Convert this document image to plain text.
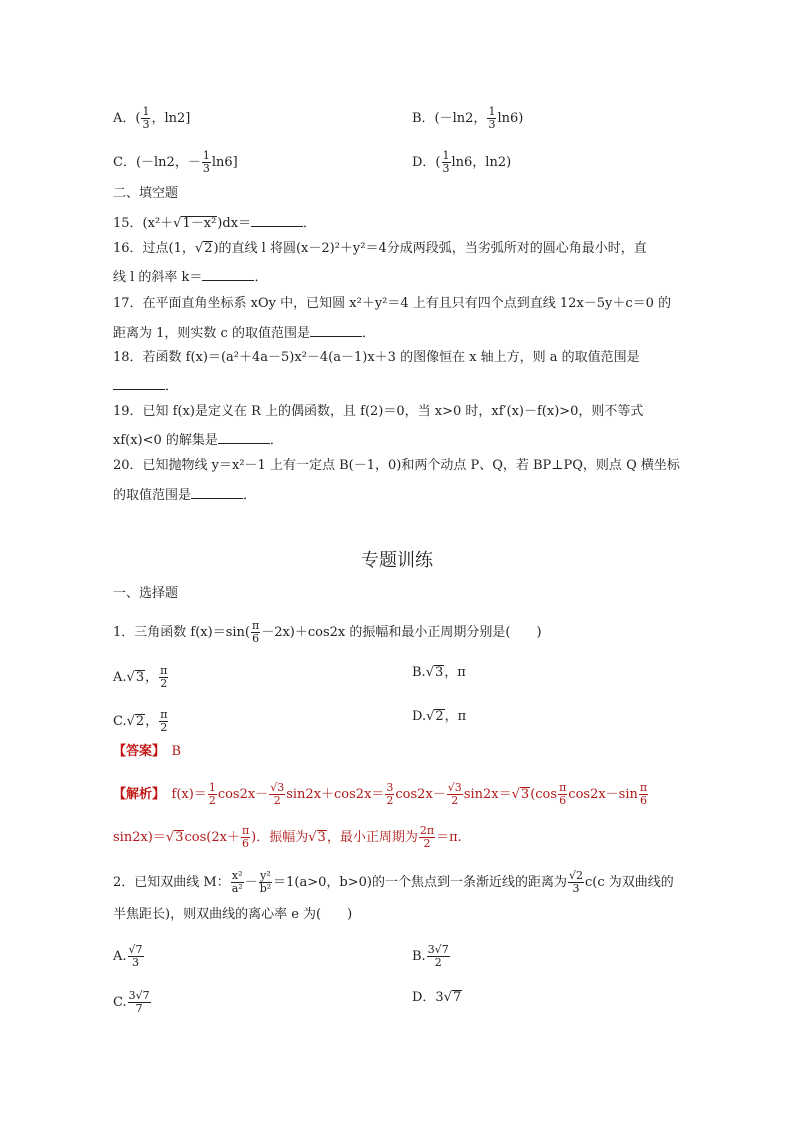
A．( $\frac{1}{3}$ ，ln2]	B．(－ln2， $\frac{1}{3} \ln 6$)
C．(－ln2，－ $\frac{1}{3} \ln 6$]	D．( $\frac{1}{3} \ln 6$，ln2)
二、填空题
15．(x²＋√1－x²)dx＝	．
16．过点(1，√2)的直线 l 将圆(x－2)²＋y²＝4分成两段弧，当劣弧所对的圆心角最小时，直
线 l 的斜率 k＝	．
17．在平面直角坐标系 xOy 中，已知圆 x²＋y²＝4 上有且只有四个点到直线 12x－5y＋c＝0 的
距离为 1，则实数 c 的取值范围是	．
18．若函数 f(x)＝(a²＋4a－5)x²－4(a－1)x＋3 的图像恒在 x 轴上方，则 a 的取值范围是
．
19．已知 f(x)是定义在 R 上的偶函数，且 f(2)＝0，当 x>0 时，xf′(x)－f(x)>0，则不等式
xf(x)<0 的解集是	．
20．已知抛物线 y＝x²－1 上有一定点 B(－1，0)和两个动点 P、Q，若 BP⊥PQ，则点 Q 横坐标
的取值范围是	．
专题训练
一、选择题
1．三角函数 $f(x)=\sin( \frac{\pi}{6} -2x)+\cos 2x$ 的振幅和最小正周期分别是(　　)
A.√3， $\frac{\pi}{2}$	B.√3，π
C.√2， $\frac{\pi}{2}$	D.√2，π
【答案】　 B
【解析】　$f(x)= \frac{1}{2} \cos 2x- \frac{√3}{2} \sin 2x+\cos 2x= \frac{3}{2} \cos 2x- \frac{√3}{2} \sin 2x=√3(\cos \frac{\pi}{6} \cos 2x-\sin \frac{\pi}{6}$
$\sin 2x)=√3\cos(2x+ \frac{\pi}{6}$ )．振幅为√3，最小正周期为 $\frac{2\pi}{2} =\pi$.
2．已知双曲线 M： $\frac{\text{x²}}{\text{a²}} - \frac{\text{y²}}{\text{b²}} =1(a>0$，b>0)的一个焦点到一条渐近线的距离为 $\frac{√2}{3} c(c$ 为双曲线的
半焦距长)，则双曲线的离心率 e 为(　　)
A. $\frac{√7}{3}$	B. $\frac{3√7}{2}$
C. $\frac{3√7}{7}$	D．3√7
